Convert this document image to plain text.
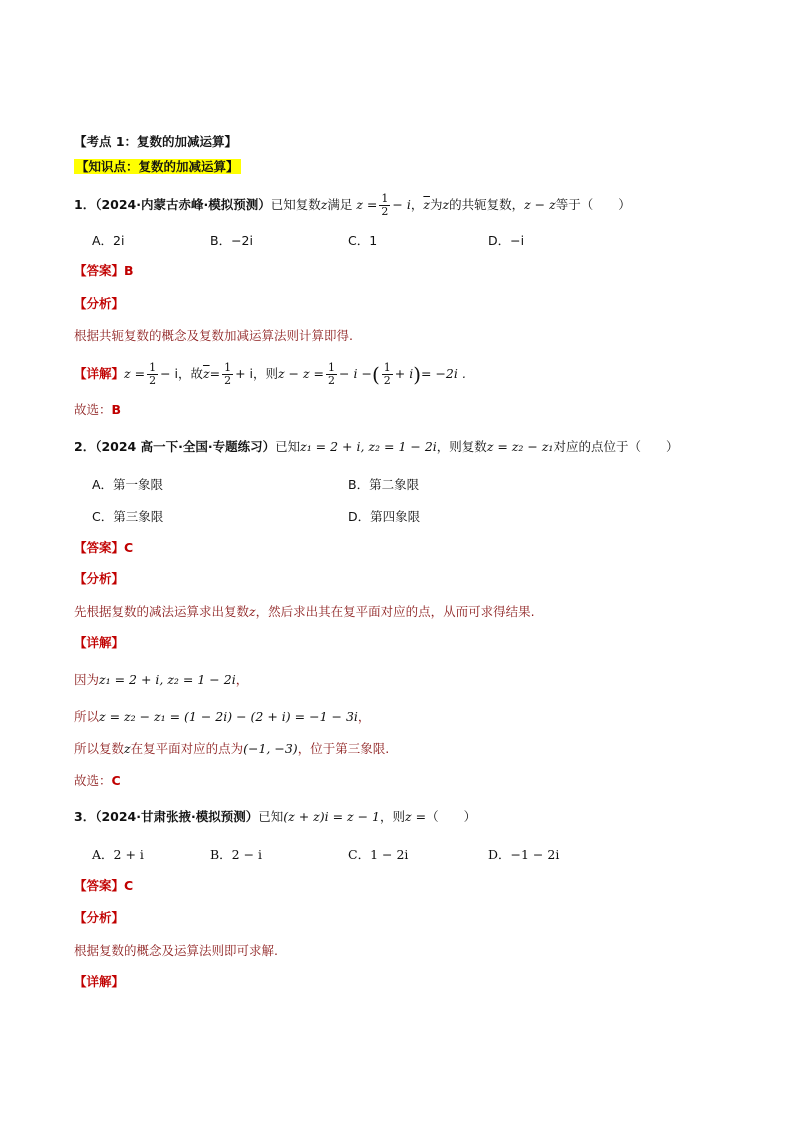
【考点 1：复数的加减运算】
【知识点：复数的加减运算】
1．（2024·内蒙古赤峰·模拟预测）已知复数z满足 $z = \frac{1}{2} - i$，$\overline{z}$为z的共轭复数，z − z等于（　　）
A．2i	B．−2i	C．1	D．−i
【答案】B
【分析】
根据共轭复数的概念及复数加减运算法则计算即得.
【详解】$z = \frac{1}{2} - i$，故$\overline{z}= \frac{1}{2} + i$，则$z - z = \frac{1}{2} - i$ −( $\frac{1}{2} + i)= -2i$ .
故选：B
2．（2024 高一下·全国·专题练习）已知z₁ = 2 + i, z₂ = 1 − 2i，则复数z = z₂ − z₁对应的点位于（　　）
A．第一象限	B．第二象限
C．第三象限	D．第四象限
【答案】C
【分析】
先根据复数的减法运算求出复数z，然后求出其在复平面对应的点，从而可求得结果.
【详解】
因为z₁ = 2 + i, z₂ = 1 − 2i，
所以z = z₂ − z₁ = (1 − 2i) − (2 + i) = −1 − 3i，
所以复数z在复平面对应的点为(−1, −3)，位于第三象限.
故选：C
3．（2024·甘肃张掖·模拟预测）已知(z + z)i = z − 1，则z =（　　）
A．2 + i	B．2 − i	C．1 − 2i	D．−1 − 2i
【答案】C
【分析】
根据复数的概念及运算法则即可求解.
【详解】
